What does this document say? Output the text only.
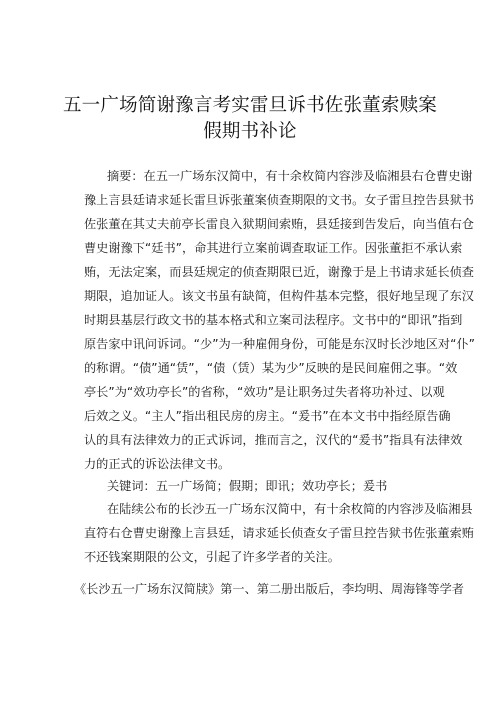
五一广场简谢豫言考实雷旦诉书佐张董索赎案
假期书补论
摘要：在五一广场东汉简中，有十余枚简内容涉及临湘县右仓曹史谢
豫上言县廷请求延长雷旦诉张董案侦查期限的文书。女子雷旦控告县狱书
佐张董在其丈夫前亭长雷良入狱期间索贿，县廷接到告发后，向当值右仓
曹史谢豫下“廷书”，命其进行立案前调查取证工作。因张董拒不承认索
贿，无法定案，而县廷规定的侦查期限已近，谢豫于是上书请求延长侦查
期限，追加证人。该文书虽有缺简，但构件基本完整，很好地呈现了东汉
时期县基层行政文书的基本格式和立案司法程序。文书中的“即讯”指到
原告家中讯问诉词。“少”为一种雇佣身份，可能是东汉时长沙地区对“仆”
的称谓。“债”通“赁”，“债（赁）某为少”反映的是民间雇佣之事。“效
亭长”为“效功亭长”的省称，“效功”是让职务过失者将功补过、以观
后效之义。“主人”指出租民房的房主。“爰书”在本文书中指经原告确
认的具有法律效力的正式诉词，推而言之，汉代的“爰书”指具有法律效
力的正式的诉讼法律文书。
关键词：五一广场简；假期；即讯；效功亭长；爰书
在陆续公布的长沙五一广场东汉简中，有十余枚简的内容涉及临湘县
直符右仓曹史谢豫上言县廷，请求延长侦查女子雷旦控告狱书佐张董索贿
不还钱案期限的公文，引起了许多学者的关注。
《长沙五一广场东汉简牍》第一、第二册出版后，李均明、周海锋等学者
